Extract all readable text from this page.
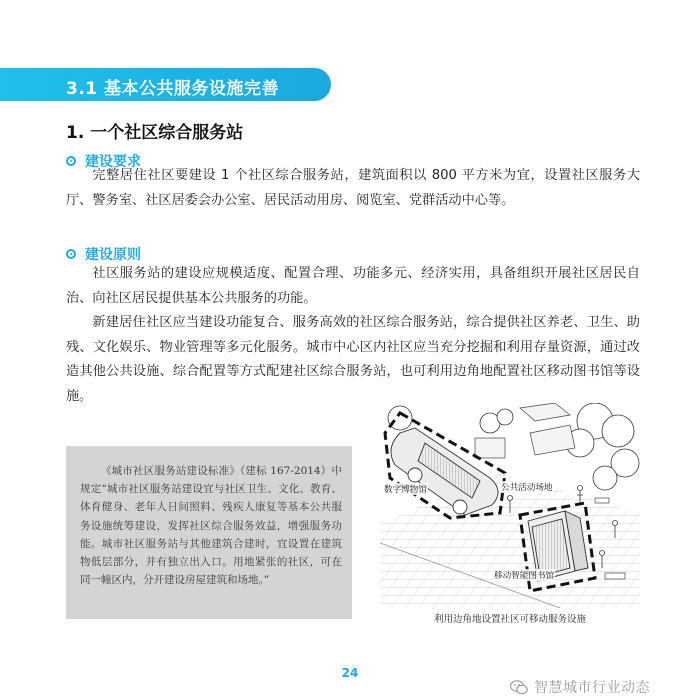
3.1 基本公共服务设施完善
1. 一个社区综合服务站
建设要求

完整居住社区要建设 1 个社区综合服务站，建筑面积以 800 平方米为宜，设置社区服务大厅、警务室、社区居委会办公室、居民活动用房、阅览室、党群活动中心等。

建设原则

社区服务站的建设应规模适度、配置合理、功能多元、经济实用，具备组织开展社区居民自治、向社区居民提供基本公共服务的功能。

新建居住社区应当建设功能复合、服务高效的社区综合服务站，综合提供社区养老、卫生、助残、文化娱乐、物业管理等多元化服务。城市中心区内社区应当充分挖掘和利用存量资源，通过改造其他公共设施、综合配置等方式配建社区综合服务站，也可利用边角地配置社区移动图书馆等设施。

《城市社区服务站建设标准》（建标 167-2014）中规定“城市社区服务站建设宜与社区卫生、文化、教育、体育健身、老年人日间照料、残疾人康复等基本公共服务设施统筹建设，发挥社区综合服务效益，增强服务功能。城市社区服务站与其他建筑合建时，宜设置在建筑物低层部分，并有独立出入口。用地紧张的社区，可在同一幢区内，分开建设房屋建筑和场地。”

数字博物馆	公共活动场地
移动智能图书馆
利用边角地设置社区可移动服务设施
24
智慧城市行业动态
